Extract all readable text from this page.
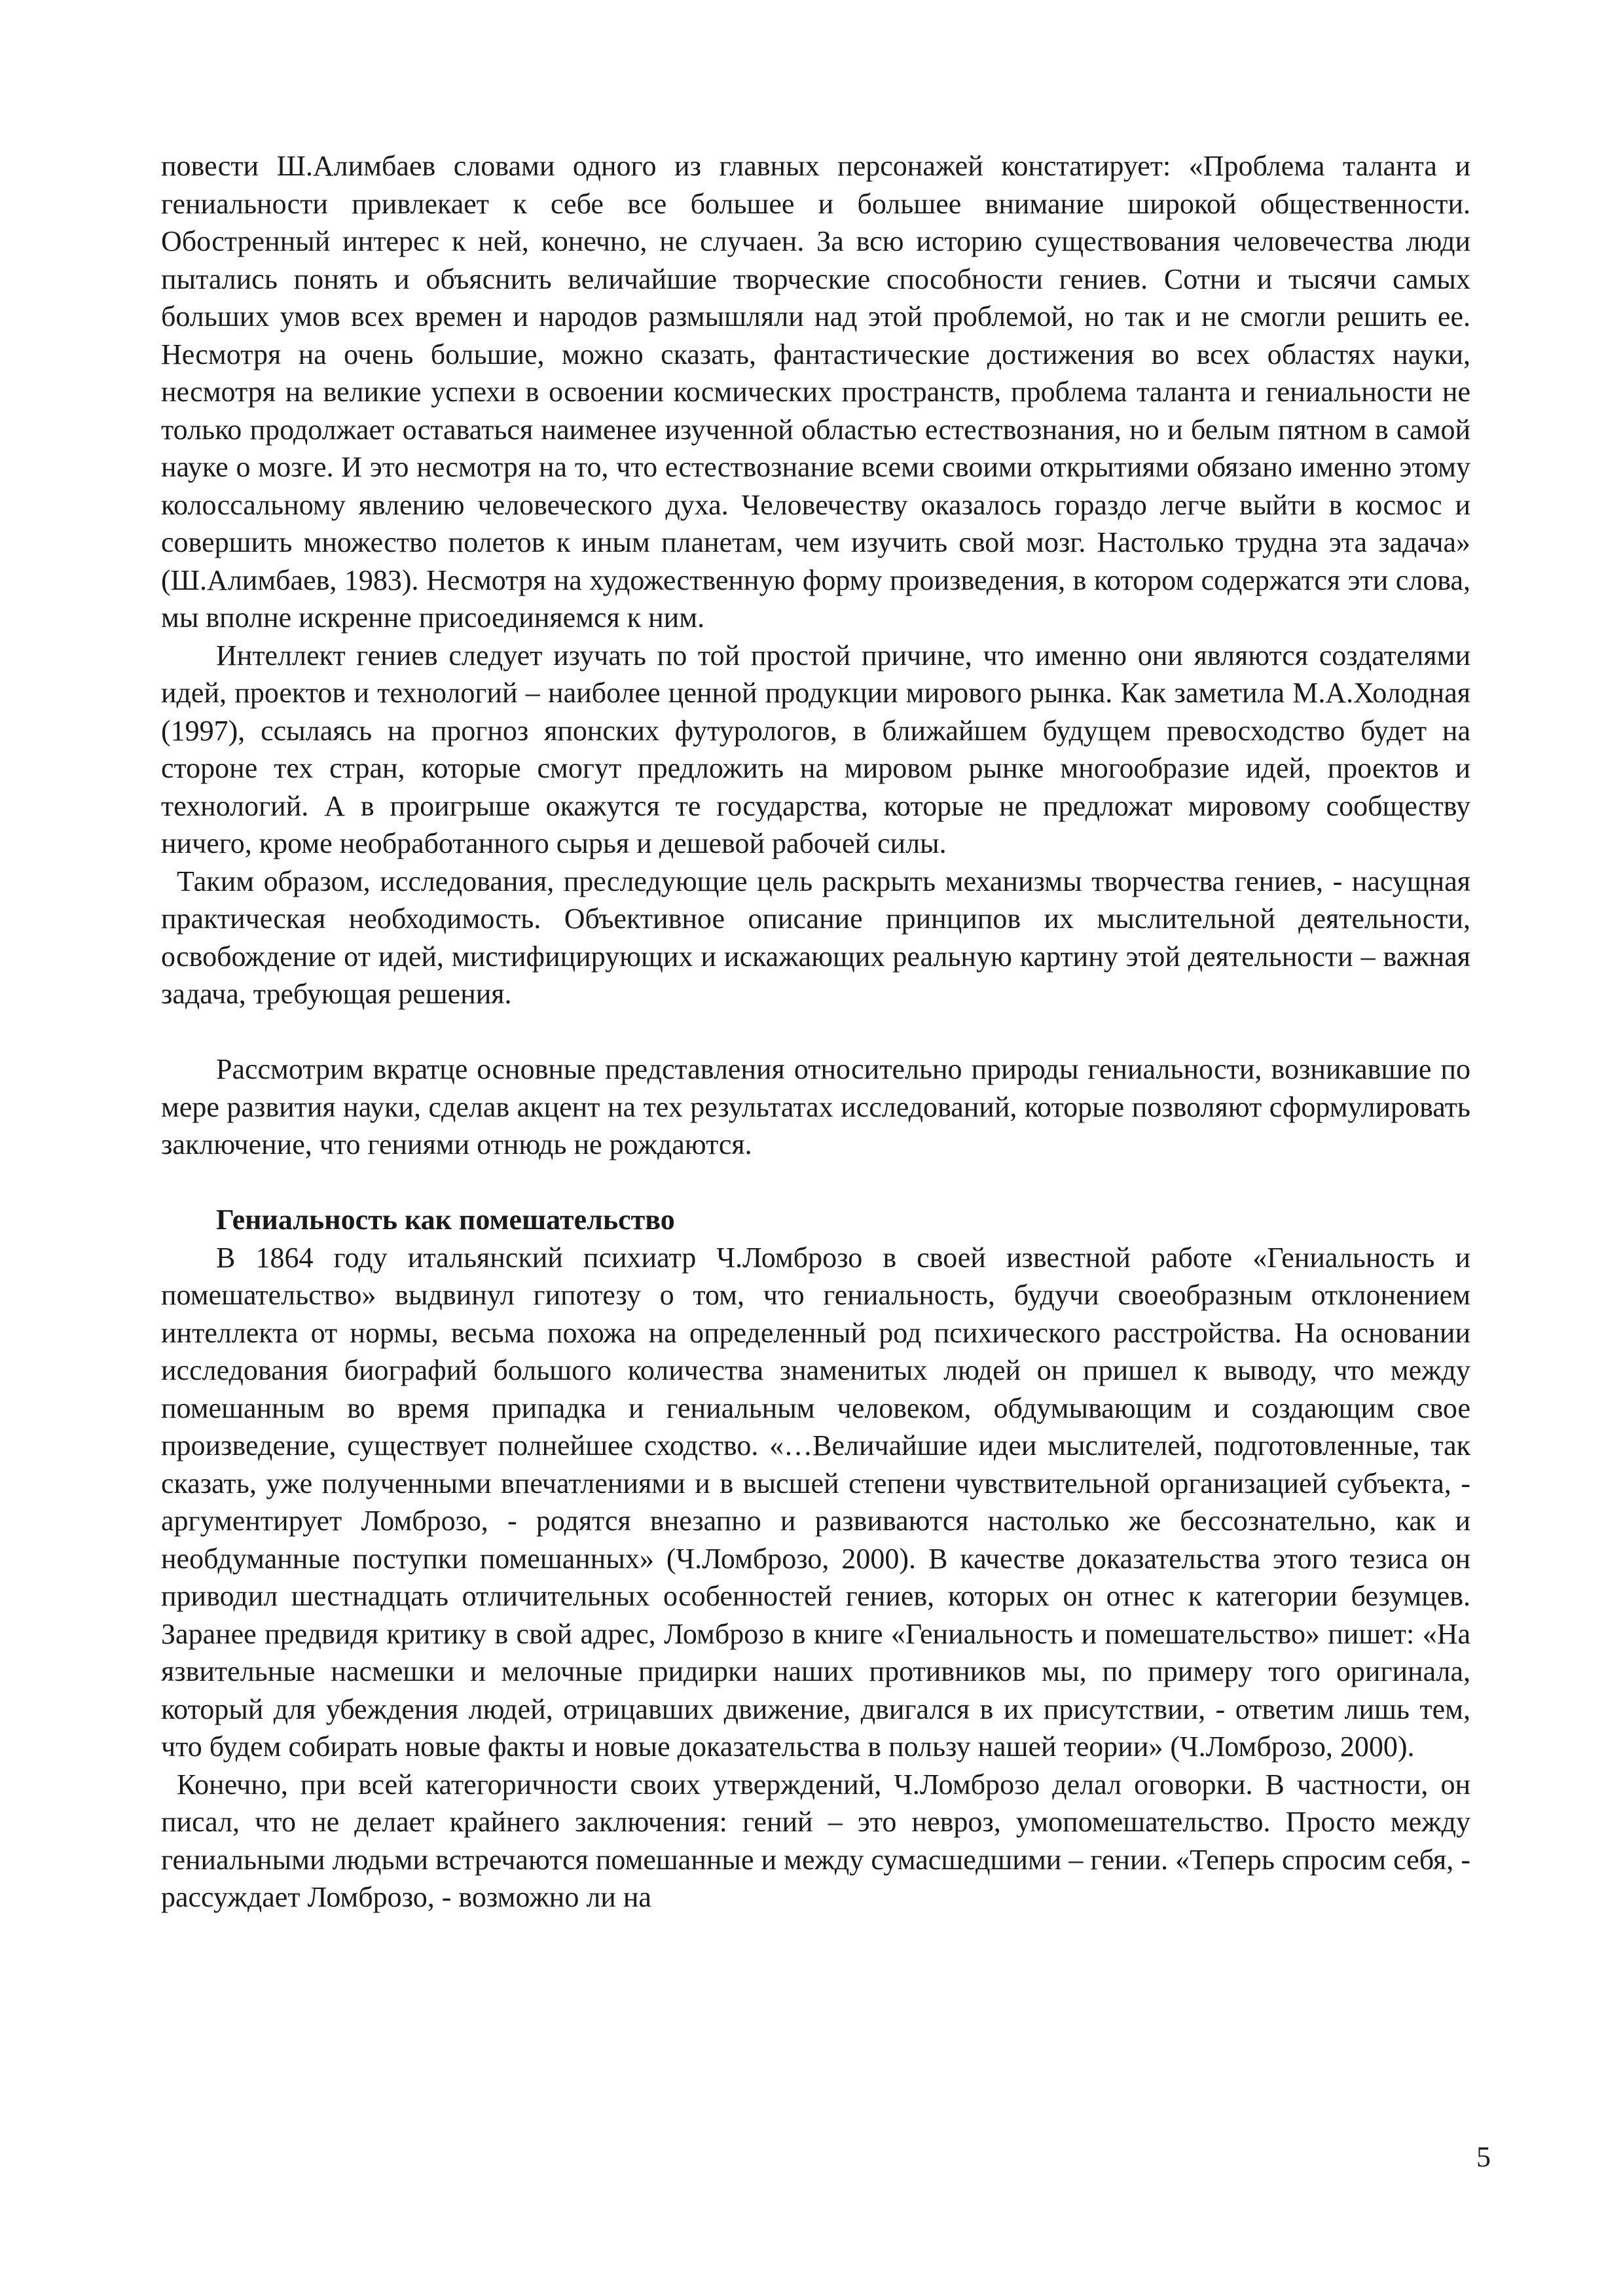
повести Ш.Алимбаев словами одного из главных персонажей констатирует: «Проблема таланта и гениальности привлекает к себе все большее и большее внимание широкой общественности. Обостренный интерес к ней, конечно, не случаен. За всю историю существования человечества люди пытались понять и объяснить величайшие творческие способности гениев. Сотни и тысячи самых больших умов всех времен и народов размышляли над этой проблемой, но так и не смогли решить ее. Несмотря на очень большие, можно сказать, фантастические достижения во всех областях науки, несмотря на великие успехи в освоении космических пространств, проблема таланта и гениальности не только продолжает оставаться наименее изученной областью естествознания, но и белым пятном в самой науке о мозге. И это несмотря на то, что естествознание всеми своими открытиями обязано именно этому колоссальному явлению человеческого духа. Человечеству оказалось гораздо легче выйти в космос и совершить множество полетов к иным планетам, чем изучить свой мозг. Настолько трудна эта задача» (Ш.Алимбаев, 1983). Несмотря на художественную форму произведения, в котором содержатся эти слова, мы вполне искренне присоединяемся к ним.

Интеллект гениев следует изучать по той простой причине, что именно они являются создателями идей, проектов и технологий – наиболее ценной продукции мирового рынка. Как заметила М.А.Холодная (1997), ссылаясь на прогноз японских футурологов, в ближайшем будущем превосходство будет на стороне тех стран, которые смогут предложить на мировом рынке многообразие идей, проектов и технологий. А в проигрыше окажутся те государства, которые не предложат мировому сообществу ничего, кроме необработанного сырья и дешевой рабочей силы.

Таким образом, исследования, преследующие цель раскрыть механизмы творчества гениев, - насущная практическая необходимость. Объективное описание принципов их мыслительной деятельности, освобождение от идей, мистифицирующих и искажающих реальную картину этой деятельности – важная задача, требующая решения.

Рассмотрим вкратце основные представления относительно природы гениальности, возникавшие по мере развития науки, сделав акцент на тех результатах исследований, которые позволяют сформулировать заключение, что гениями отнюдь не рождаются.

Гениальность как помешательство

В 1864 году итальянский психиатр Ч.Ломброзо в своей известной работе «Гениальность и помешательство» выдвинул гипотезу о том, что гениальность, будучи своеобразным отклонением интеллекта от нормы, весьма похожа на определенный род психического расстройства. На основании исследования биографий большого количества знаменитых людей он пришел к выводу, что между помешанным во время припадка и гениальным человеком, обдумывающим и создающим свое произведение, существует полнейшее сходство. «…Величайшие идеи мыслителей, подготовленные, так сказать, уже полученными впечатлениями и в высшей степени чувствительной организацией субъекта, - аргументирует Ломброзо, - родятся внезапно и развиваются настолько же бессознательно, как и необдуманные поступки помешанных» (Ч.Ломброзо, 2000). В качестве доказательства этого тезиса он приводил шестнадцать отличительных особенностей гениев, которых он отнес к категории безумцев. Заранее предвидя критику в свой адрес, Ломброзо в книге «Гениальность и помешательство» пишет: «На язвительные насмешки и мелочные придирки наших противников мы, по примеру того оригинала, который для убеждения людей, отрицавших движение, двигался в их присутствии, - ответим лишь тем, что будем собирать новые факты и новые доказательства в пользу нашей теории» (Ч.Ломброзо, 2000).

Конечно, при всей категоричности своих утверждений, Ч.Ломброзо делал оговорки. В частности, он писал, что не делает крайнего заключения: гений – это невроз, умопомешательство. Просто между гениальными людьми встречаются помешанные и между сумасшедшими – гении. «Теперь спросим себя, - рассуждает Ломброзо, - возможно ли на

5
